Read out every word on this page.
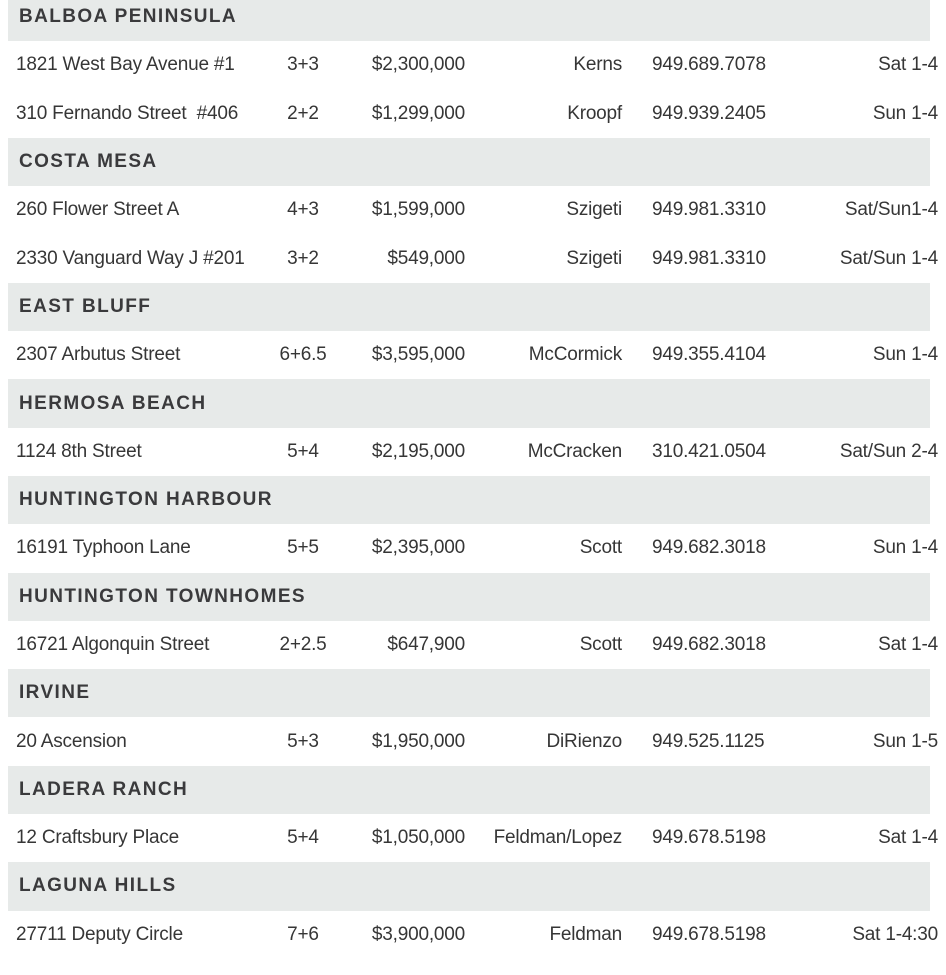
BALBOA PENINSULA
1821 West Bay Avenue #1	3+3	$2,300,000	Kerns 949.689.7078	Sat 1-4
310 Fernando Street  #406	2+2	$1,299,000	Kroopf 949.939.2405	Sun 1-4
COSTA MESA
260 Flower Street A	4+3	$1,599,000	Szigeti 949.981.3310	Sat/Sun1-4
2330 Vanguard Way J #201	3+2	$549,000	Szigeti 949.981.3310	Sat/Sun 1-4
EAST BLUFF
2307 Arbutus Street	6+6.5	$3,595,000	McCormick 949.355.4104	Sun 1-4
HERMOSA BEACH
1124 8th Street	5+4	$2,195,000	McCracken 310.421.0504	Sat/Sun 2-4
HUNTINGTON HARBOUR
16191 Typhoon Lane	5+5	$2,395,000	Scott 949.682.3018	Sun 1-4
HUNTINGTON TOWNHOMES
16721 Algonquin Street	2+2.5	$647,900	Scott 949.682.3018	Sat 1-4
IRVINE
20 Ascension	5+3	$1,950,000	DiRienzo 949.525.1125	Sun 1-5
LADERA RANCH
12 Craftsbury Place	5+4	$1,050,000	Feldman/Lopez 949.678.5198	Sat 1-4
LAGUNA HILLS
27711 Deputy Circle	7+6	$3,900,000	Feldman 949.678.5198	Sat 1-4:30
